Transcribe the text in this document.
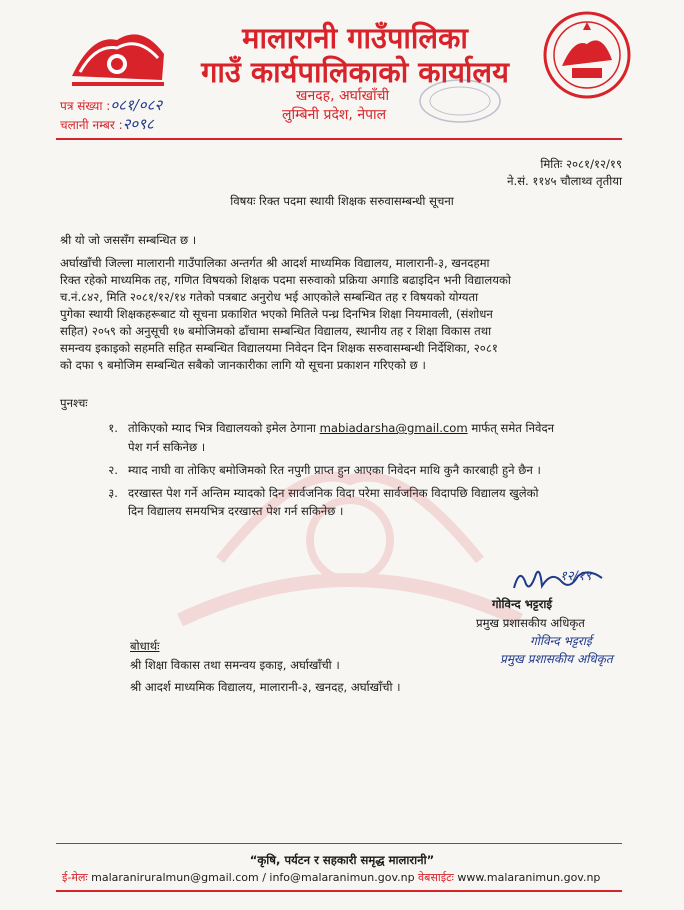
मालारानी गाउँपालिका
गाउँ कार्यपालिकाको कार्यालय
खनदह, अर्घाखाँची
लुम्बिनी प्रदेश, नेपाल
पत्र संख्या :०८१/०८२
चलानी नम्बर :२०९८
मितिः २०८१/१२/१९
ने.सं. ११४५ चौलाथ्व तृतीया
विषयः रिक्त पदमा स्थायी शिक्षक सरुवासम्बन्धी सूचना
श्री यो जो जससँग सम्बन्धित छ ।
अर्घाखाँची जिल्ला मालारानी गाउँपालिका अन्तर्गत श्री आदर्श माध्यमिक विद्यालय, मालारानी-३, खनदहमा
रिक्त रहेको माध्यमिक तह, गणित विषयको शिक्षक पदमा सरुवाको प्रक्रिया अगाडि बढाइदिन भनी विद्यालयको
च.नं.८४२, मिति २०८१/१२/१४ गतेको पत्रबाट अनुरोध भई आएकोले सम्बन्धित तह र विषयको योग्यता
पुगेका स्थायी शिक्षकहरूबाट यो सूचना प्रकाशित भएको मितिले पन्ध्र दिनभित्र शिक्षा नियमावली, (संशोधन
सहित) २०५९ को अनुसूची १७ बमोजिमको ढाँचामा सम्बन्धित विद्यालय, स्थानीय तह र शिक्षा विकास तथा
समन्वय इकाइको सहमति सहित सम्बन्धित विद्यालयमा निवेदन दिन शिक्षक सरुवासम्बन्धी निर्देशिका, २०८१
को दफा ९ बमोजिम सम्बन्धित सबैको जानकारीका लागि यो सूचना प्रकाशन गरिएको छ ।
पुनश्चः
१. तोकिएको म्याद भित्र विद्यालयको इमेल ठेगाना mabiadarsha@gmail.com मार्फत् समेत निवेदन
पेश गर्न सकिनेछ ।
२. म्याद नाघी वा तोकिए बमोजिमको रित नपुगी प्राप्त हुन आएका निवेदन माथि कुनै कारबाही हुने छैन ।
३. दरखास्त पेश गर्ने अन्तिम म्यादको दिन सार्वजनिक विदा परेमा सार्वजनिक विदापछि विद्यालय खुलेको
दिन विद्यालय समयभित्र दरखास्त पेश गर्न सकिनेछ ।
१२/१९
गोविन्द भट्टराई
प्रमुख प्रशासकीय अधिकृत
गोविन्द भट्टराई
प्रमुख प्रशासकीय अधिकृत
बोधार्थः
श्री शिक्षा विकास तथा समन्वय इकाइ, अर्घाखाँची ।
श्री आदर्श माध्यमिक विद्यालय, मालारानी-३, खनदह, अर्घाखाँची ।
“कृषि, पर्यटन र सहकारी समृद्ध मालारानी”
ई-मेलः malaraniruralmun@gmail.com / info@malaranimun.gov.np वेबसाईटः www.malaranimun.gov.np
